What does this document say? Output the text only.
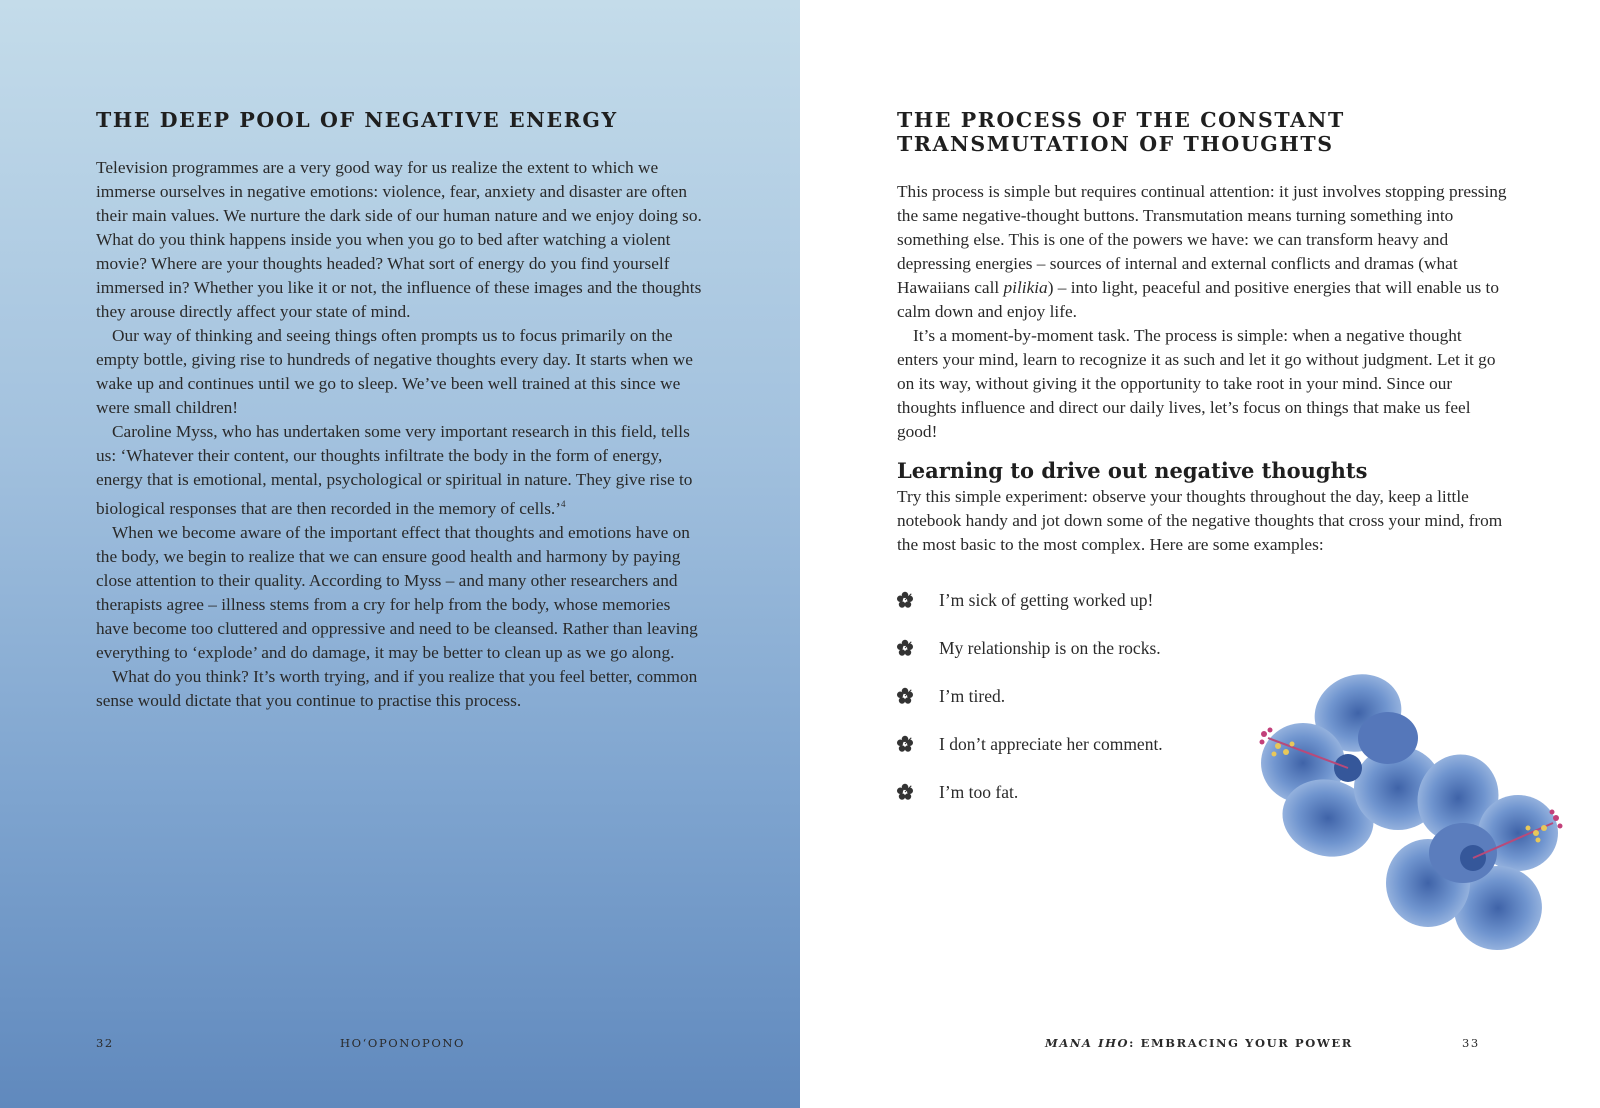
THE DEEP POOL OF NEGATIVE ENERGY

Television programmes are a very good way for us realize the extent to which we immerse ourselves in negative emotions: violence, fear, anxiety and disaster are often their main values. We nurture the dark side of our human nature and we enjoy doing so. What do you think happens inside you when you go to bed after watching a violent movie? Where are your thoughts headed? What sort of energy do you find yourself immersed in? Whether you like it or not, the influence of these images and the thoughts they arouse directly affect your state of mind.

Our way of thinking and seeing things often prompts us to focus primarily on the empty bottle, giving rise to hundreds of negative thoughts every day. It starts when we wake up and continues until we go to sleep. We’ve been well trained at this since we were small children!

Caroline Myss, who has undertaken some very important research in this field, tells us: ‘Whatever their content, our thoughts infiltrate the body in the form of energy, energy that is emotional, mental, psychological or spiritual in nature. They give rise to biological responses that are then recorded in the memory of cells.’$^4$

When we become aware of the important effect that thoughts and emotions have on the body, we begin to realize that we can ensure good health and harmony by paying close attention to their quality. According to Myss – and many other researchers and therapists agree – illness stems from a cry for help from the body, whose memories have become too cluttered and oppressive and need to be cleansed. Rather than leaving everything to ‘explode’ and do damage, it may be better to clean up as we go along.

What do you think? It’s worth trying, and if you realize that you feel better, common sense would dictate that you continue to practise this process.

32	HO‘OPONOPONO
THE PROCESS OF THE CONSTANT
TRANSMUTATION OF THOUGHTS

This process is simple but requires continual attention: it just involves stopping pressing the same negative-thought buttons. Transmutation means turning something into something else. This is one of the powers we have: we can transform heavy and depressing energies – sources of internal and external conflicts and dramas (what Hawaiians call pilikia) – into light, peaceful and positive energies that will enable us to calm down and enjoy life.

It’s a moment-by-moment task. The process is simple: when a negative thought enters your mind, learn to recognize it as such and let it go without judgment. Let it go on its way, without giving it the opportunity to take root in your mind. Since our thoughts influence and direct our daily lives, let’s focus on things that make us feel good!

Learning to drive out negative thoughts

Try this simple experiment: observe your thoughts throughout the day, keep a little notebook handy and jot down some of the negative thoughts that cross your mind, from the most basic to the most complex. Here are some examples:

I’m sick of getting worked up!
My relationship is on the rocks.
I’m tired.
I don’t appreciate her comment.
I’m too fat.
MANA IHO: EMBRACING YOUR POWER	33
